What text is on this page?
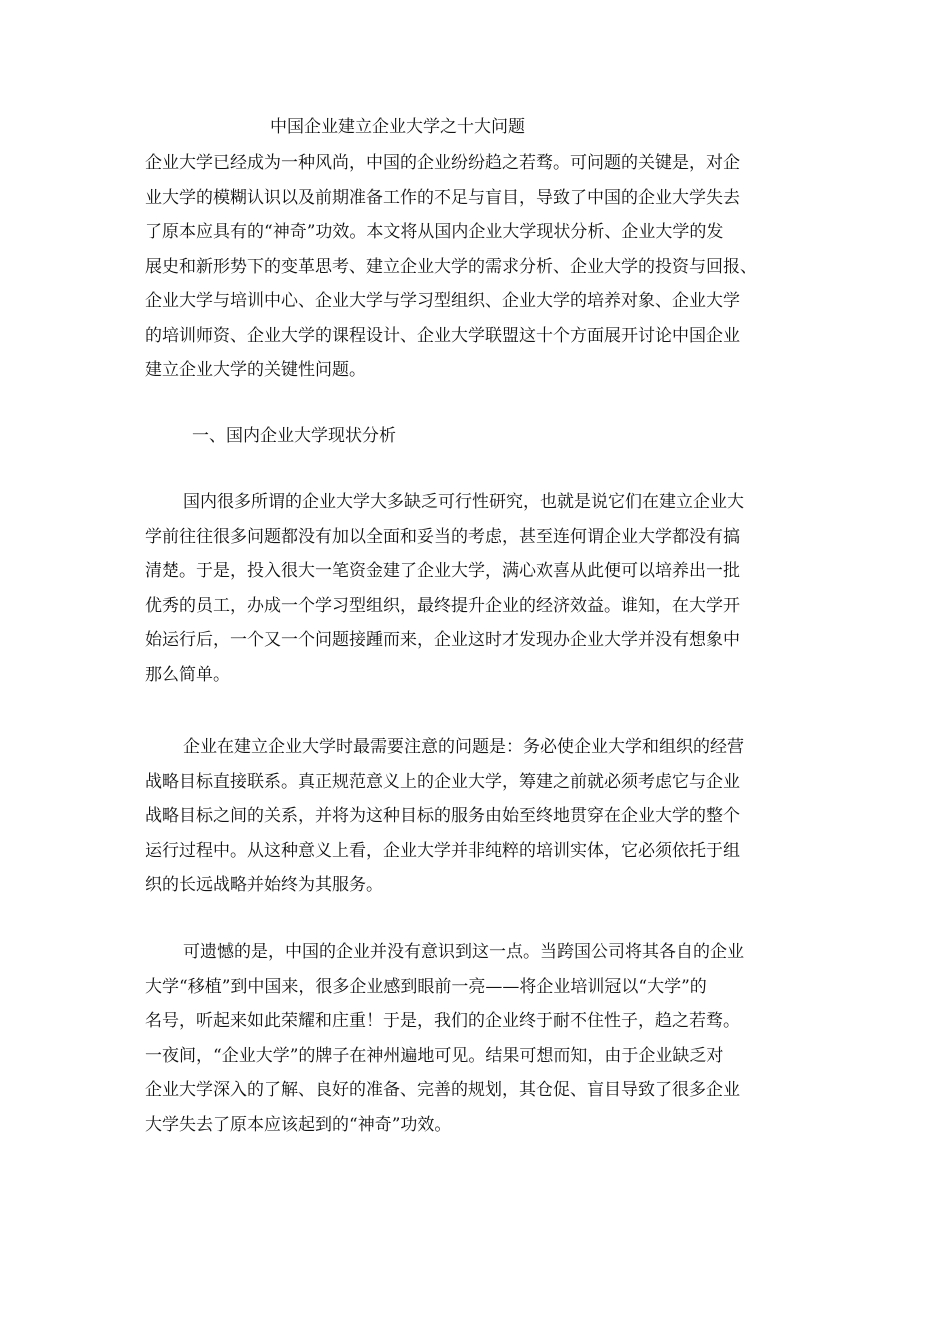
中国企业建立企业大学之十大问题
企业大学已经成为一种风尚，中国的企业纷纷趋之若骛。可问题的关键是，对企
业大学的模糊认识以及前期准备工作的不足与盲目，导致了中国的企业大学失去
了原本应具有的“神奇”功效。本文将从国内企业大学现状分析、企业大学的发
展史和新形势下的变革思考、建立企业大学的需求分析、企业大学的投资与回报、
企业大学与培训中心、企业大学与学习型组织、企业大学的培养对象、企业大学
的培训师资、企业大学的课程设计、企业大学联盟这十个方面展开讨论中国企业
建立企业大学的关键性问题。
一、国内企业大学现状分析
国内很多所谓的企业大学大多缺乏可行性研究，也就是说它们在建立企业大
学前往往很多问题都没有加以全面和妥当的考虑，甚至连何谓企业大学都没有搞
清楚。于是，投入很大一笔资金建了企业大学，满心欢喜从此便可以培养出一批
优秀的员工，办成一个学习型组织，最终提升企业的经济效益。谁知，在大学开
始运行后，一个又一个问题接踵而来，企业这时才发现办企业大学并没有想象中
那么简单。
企业在建立企业大学时最需要注意的问题是：务必使企业大学和组织的经营
战略目标直接联系。真正规范意义上的企业大学，筹建之前就必须考虑它与企业
战略目标之间的关系，并将为这种目标的服务由始至终地贯穿在企业大学的整个
运行过程中。从这种意义上看，企业大学并非纯粹的培训实体，它必须依托于组
织的长远战略并始终为其服务。
可遗憾的是，中国的企业并没有意识到这一点。当跨国公司将其各自的企业
大学“移植”到中国来，很多企业感到眼前一亮——将企业培训冠以“大学”的
名号，听起来如此荣耀和庄重！于是，我们的企业终于耐不住性子，趋之若骛。
一夜间，“企业大学”的牌子在神州遍地可见。结果可想而知，由于企业缺乏对
企业大学深入的了解、良好的准备、完善的规划，其仓促、盲目导致了很多企业
大学失去了原本应该起到的“神奇”功效。
